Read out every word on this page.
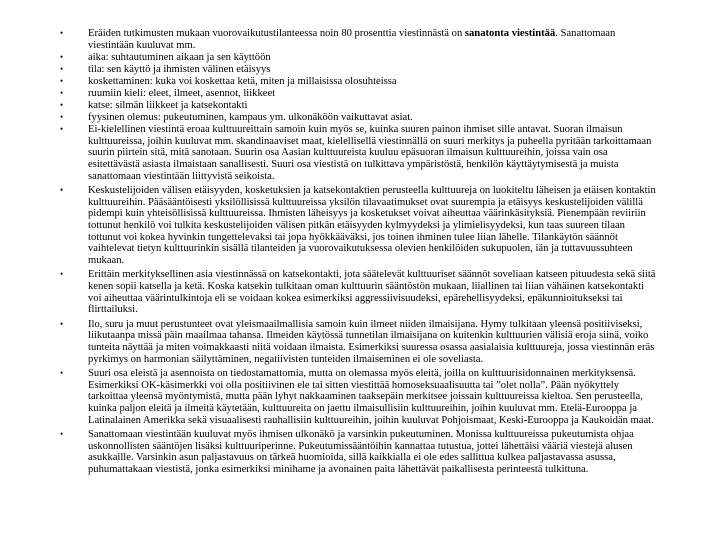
•	Eräiden tutkimusten mukaan vuorovaikutustilanteessa noin 80 prosenttia viestinnästä on sanatonta viestintää. Sanattomaan viestintään kuuluvat mm.
•	aika: suhtautuminen aikaan ja sen käyttöön
•	tila: sen käyttö ja ihmisten välinen etäisyys
•	koskettaminen: kuka voi koskettaa ketä, miten ja millaisissa olosuhteissa
•	ruumiin kieli: eleet, ilmeet, asennot, liikkeet
•	katse: silmän liikkeet ja katsekontakti
•	fyysinen olemus: pukeutuminen, kampaus ym. ulkonäköön vaikuttavat asiat.
•	Ei-kielellinen viestintä eroaa kulttuureittain samoin kuin myös se, kuinka suuren painon ihmiset sille antavat. Suoran ilmaisun kulttuureissa, joihin kuuluvat mm. skandinaaviset maat, kielellisellä viestinnällä on suuri merkitys ja puheella pyritään tarkoittamaan suurin piirtein sitä, mitä sanotaan. Suurin osa Aasian kulttuureista kuuluu epäsuoran ilmaisun kulttuureihin, joissa vain osa esitettävästä asiasta ilmaistaan sanallisesti. Suuri osa viestistä on tulkittava ympäristöstä, henkilön käyttäytymisestä ja muista sanattomaan viestintään liittyvistä seikoista.
•	Keskustelijoiden välisen etäisyyden, kosketuksien ja katsekontaktien perusteella kulttuureja on luokiteltu läheisen ja etäisen kontaktin kulttuureihin. Pääsääntöisesti yksilöllisissä kulttuureissa yksilön tilavaatimukset ovat suurempia ja etäisyys keskustelijoiden välillä pidempi kuin yhteisöllisissä kulttuureissa. Ihmisten läheisyys ja kosketukset voivat aiheuttaa väärinkäsityksiä. Pienempään reviiriin tottunut henkilö voi tulkita keskustelijoiden välisen pitkän etäisyyden kylmyydeksi ja ylimielisyydeksi, kun taas suureen tilaan tottunut voi kokea hyvinkin tungettelevaksi tai jopa hyökkääväksi, jos toinen ihminen tulee liian lähelle. Tilankäytön säännöt vaihtelevat tietyn kulttuurinkin sisällä tilanteiden ja vuorovaikutuksessa olevien henkilöiden sukupuolen, iän ja tuttavuussuhteen mukaan.
•	Erittäin merkityksellinen asia viestinnässä on katsekontakti, jota säätelevät kulttuuriset säännöt soveliaan katseen pituudesta sekä siitä kenen sopii katsella ja ketä. Koska katsekin tulkitaan oman kulttuurin sääntöstön mukaan, liiallinen tai liian vähäinen katsekontakti voi aiheuttaa väärintulkintoja eli se voidaan kokea esimerkiksi aggressiivisuudeksi, epärehellisyydeksi, epäkunnioitukseksi tai flirttailuksi.
•	Ilo, suru ja muut perustunteet ovat yleismaailmallisia samoin kuin ilmeet niiden ilmaisijana. Hymy tulkitaan yleensä positiiviseksi, liikutaanpa missä päin maailmaa tahansa. Ilmeiden käytössä tunnetilan ilmaisijana on kuitenkin kulttuurien välisiä eroja siinä, voiko tunteita näyttää ja miten voimakkaasti niitä voidaan ilmaista. Esimerkiksi suuressa osassa aasialaisia kulttuureja, jossa viestinnän eräs pyrkimys on harmonian säilyttäminen, negatiivisten tunteiden ilmaiseminen ei ole soveliasta.
•	Suuri osa eleistä ja asennoista on tiedostamattomia, mutta on olemassa myös eleitä, joilla on kulttuurisidonnainen merkityksensä. Esimerkiksi OK-käsimerkki voi olla positiivinen ele tai sitten viestittää homoseksuaalisuutta tai ”olet nolla”. Pään nyökyttely tarkoittaa yleensä myöntymistä, mutta pään lyhyt nakkaaminen taaksepäin merkitsee joissain kulttuureissa kieltoa. Sen perusteella, kuinka paljon eleitä ja ilmeitä käytetään, kulttuureita on jaettu ilmaisullisiin kulttuureihin, joihin kuuluvat mm. Etelä-Eurooppa ja Latinalainen Amerikka sekä visuaalisesti rauhallisiin kulttuureihin, joihin kuuluvat Pohjoismaat, Keski-Eurooppa ja Kaukoidän maat.
•	Sanattomaan viestintään kuuluvat myös ihmisen ulkonäkö ja varsinkin pukeutuminen. Monissa kulttuureissa pukeutumista ohjaa uskonnollisten sääntöjen lisäksi kulttuuriperinne. Pukeutumissääntöihin kannattaa tutustua, jottei lähettäisi vääriä viestejä alusen asukkaille. Varsinkin asun paljastavuus on tärkeä huomioida, sillä kaikkialla ei ole edes sallittua kulkea paljastavassa asussa, puhumattakaan viestistä, jonka esimerkiksi minihame ja avonainen paita lähettävät paikallisesta perinteestä tulkittuna.
